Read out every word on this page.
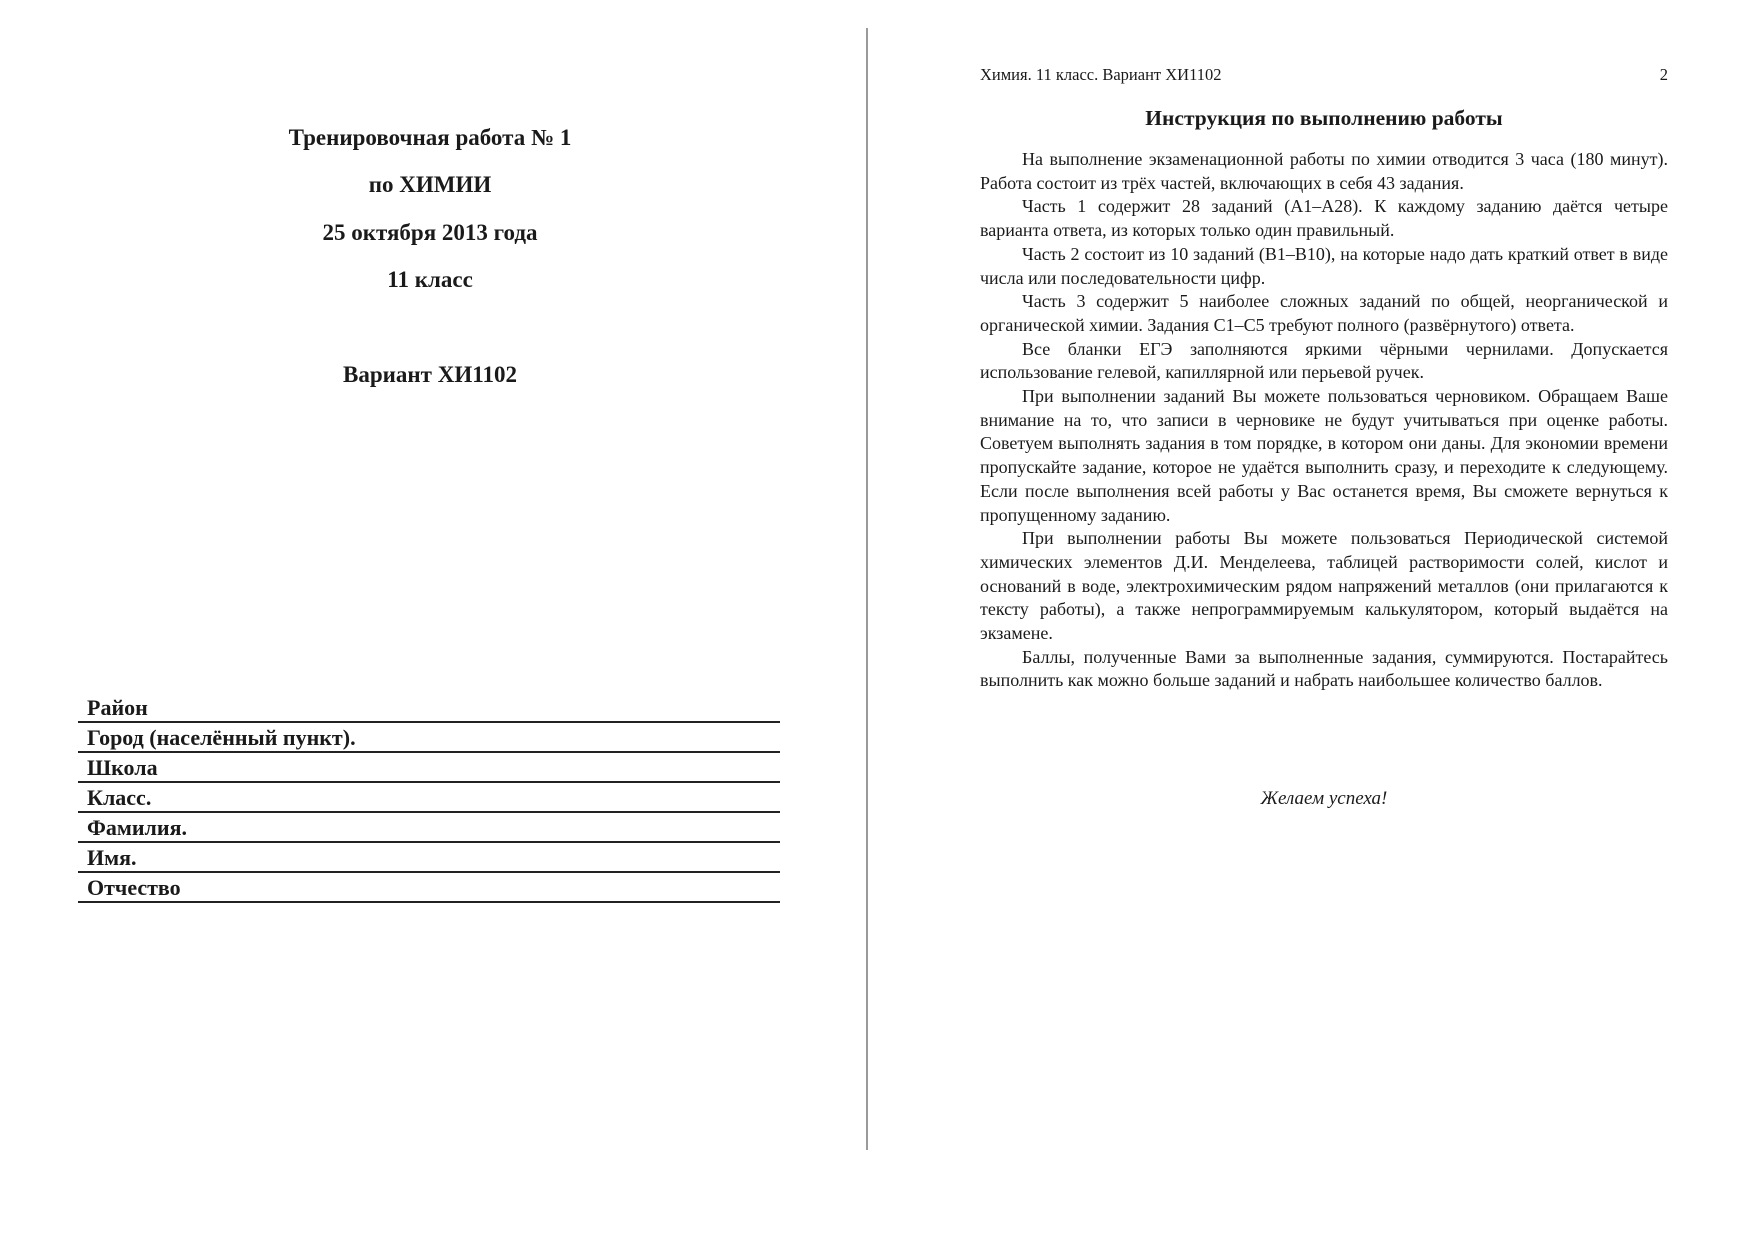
Тренировочная работа № 1
по ХИМИИ
25 октября 2013 года
11 класс
Вариант ХИ1102
Район
Город (населённый пункт).
Школа
Класс.
Фамилия.
Имя.
Отчество
Химия. 11 класс. Вариант ХИ1102	2
Инструкция по выполнению работы

На выполнение экзаменационной работы по химии отводится 3 часа (180 минут). Работа состоит из трёх частей, включающих в себя 43 задания.

Часть 1 содержит 28 заданий (А1–А28). К каждому заданию даётся четыре варианта ответа, из которых только один правильный.

Часть 2 состоит из 10 заданий (В1–В10), на которые надо дать краткий ответ в виде числа или последовательности цифр.

Часть 3 содержит 5 наиболее сложных заданий по общей, неорганической и органической химии. Задания С1–С5 требуют полного (развёрнутого) ответа.

Все бланки ЕГЭ заполняются яркими чёрными чернилами. Допускается использование гелевой, капиллярной или перьевой ручек.

При выполнении заданий Вы можете пользоваться черновиком. Обращаем Ваше внимание на то, что записи в черновике не будут учитываться при оценке работы. Советуем выполнять задания в том порядке, в котором они даны. Для экономии времени пропускайте задание, которое не удаётся выполнить сразу, и переходите к следующему. Если после выполнения всей работы у Вас останется время, Вы сможете вернуться к пропущенному заданию.

При выполнении работы Вы можете пользоваться Периодической системой химических элементов Д.И. Менделеева, таблицей растворимости солей, кислот и оснований в воде, электрохимическим рядом напряжений металлов (они прилагаются к тексту работы), а также непрограммируемым калькулятором, который выдаётся на экзамене.

Баллы, полученные Вами за выполненные задания, суммируются. Постарайтесь выполнить как можно больше заданий и набрать наибольшее количество баллов.

Желаем успеха!
